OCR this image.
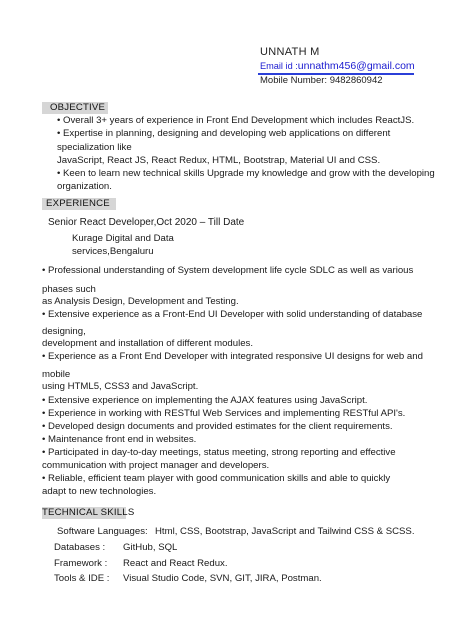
UNNATH M
Email id :unnathm456@gmail.com
Mobile Number: 9482860942
OBJECTIVE
• Overall 3+ years of experience in Front End Development which includes ReactJS.
• Expertise in planning, designing and developing web applications on different
specialization like
JavaScript, React JS, React Redux, HTML, Bootstrap, Material UI and CSS.
• Keen to learn new technical skills Upgrade my knowledge and grow with the developing
organization.
EXPERIENCE
Senior React Developer,Oct 2020 – Till Date
Kurage Digital and Data
services,Bengaluru
• Professional understanding of System development life cycle SDLC as well as various
phases such
as Analysis Design, Development and Testing.
• Extensive experience as a Front-End UI Developer with solid understanding of database
designing,
development and installation of different modules.
• Experience as a Front End Developer with integrated responsive UI designs for web and
mobile
using HTML5, CSS3 and JavaScript.
• Extensive experience on implementing the AJAX features using JavaScript.
• Experience in working with RESTful Web Services and implementing RESTful API's.
• Developed design documents and provided estimates for the client requirements.
• Maintenance front end in websites.
• Participated in day-to-day meetings, status meeting, strong reporting and effective
communication with project manager and developers.
• Reliable, efficient team player with good communication skills and able to quickly
adapt to new technologies.
TECHNICAL SKILLS
Software Languages: Html, CSS, Bootstrap, JavaScript and Tailwind CSS & SCSS.
Databases : GitHub, SQL
Framework : React and React Redux.
Tools & IDE : Visual Studio Code, SVN, GIT, JIRA, Postman.
